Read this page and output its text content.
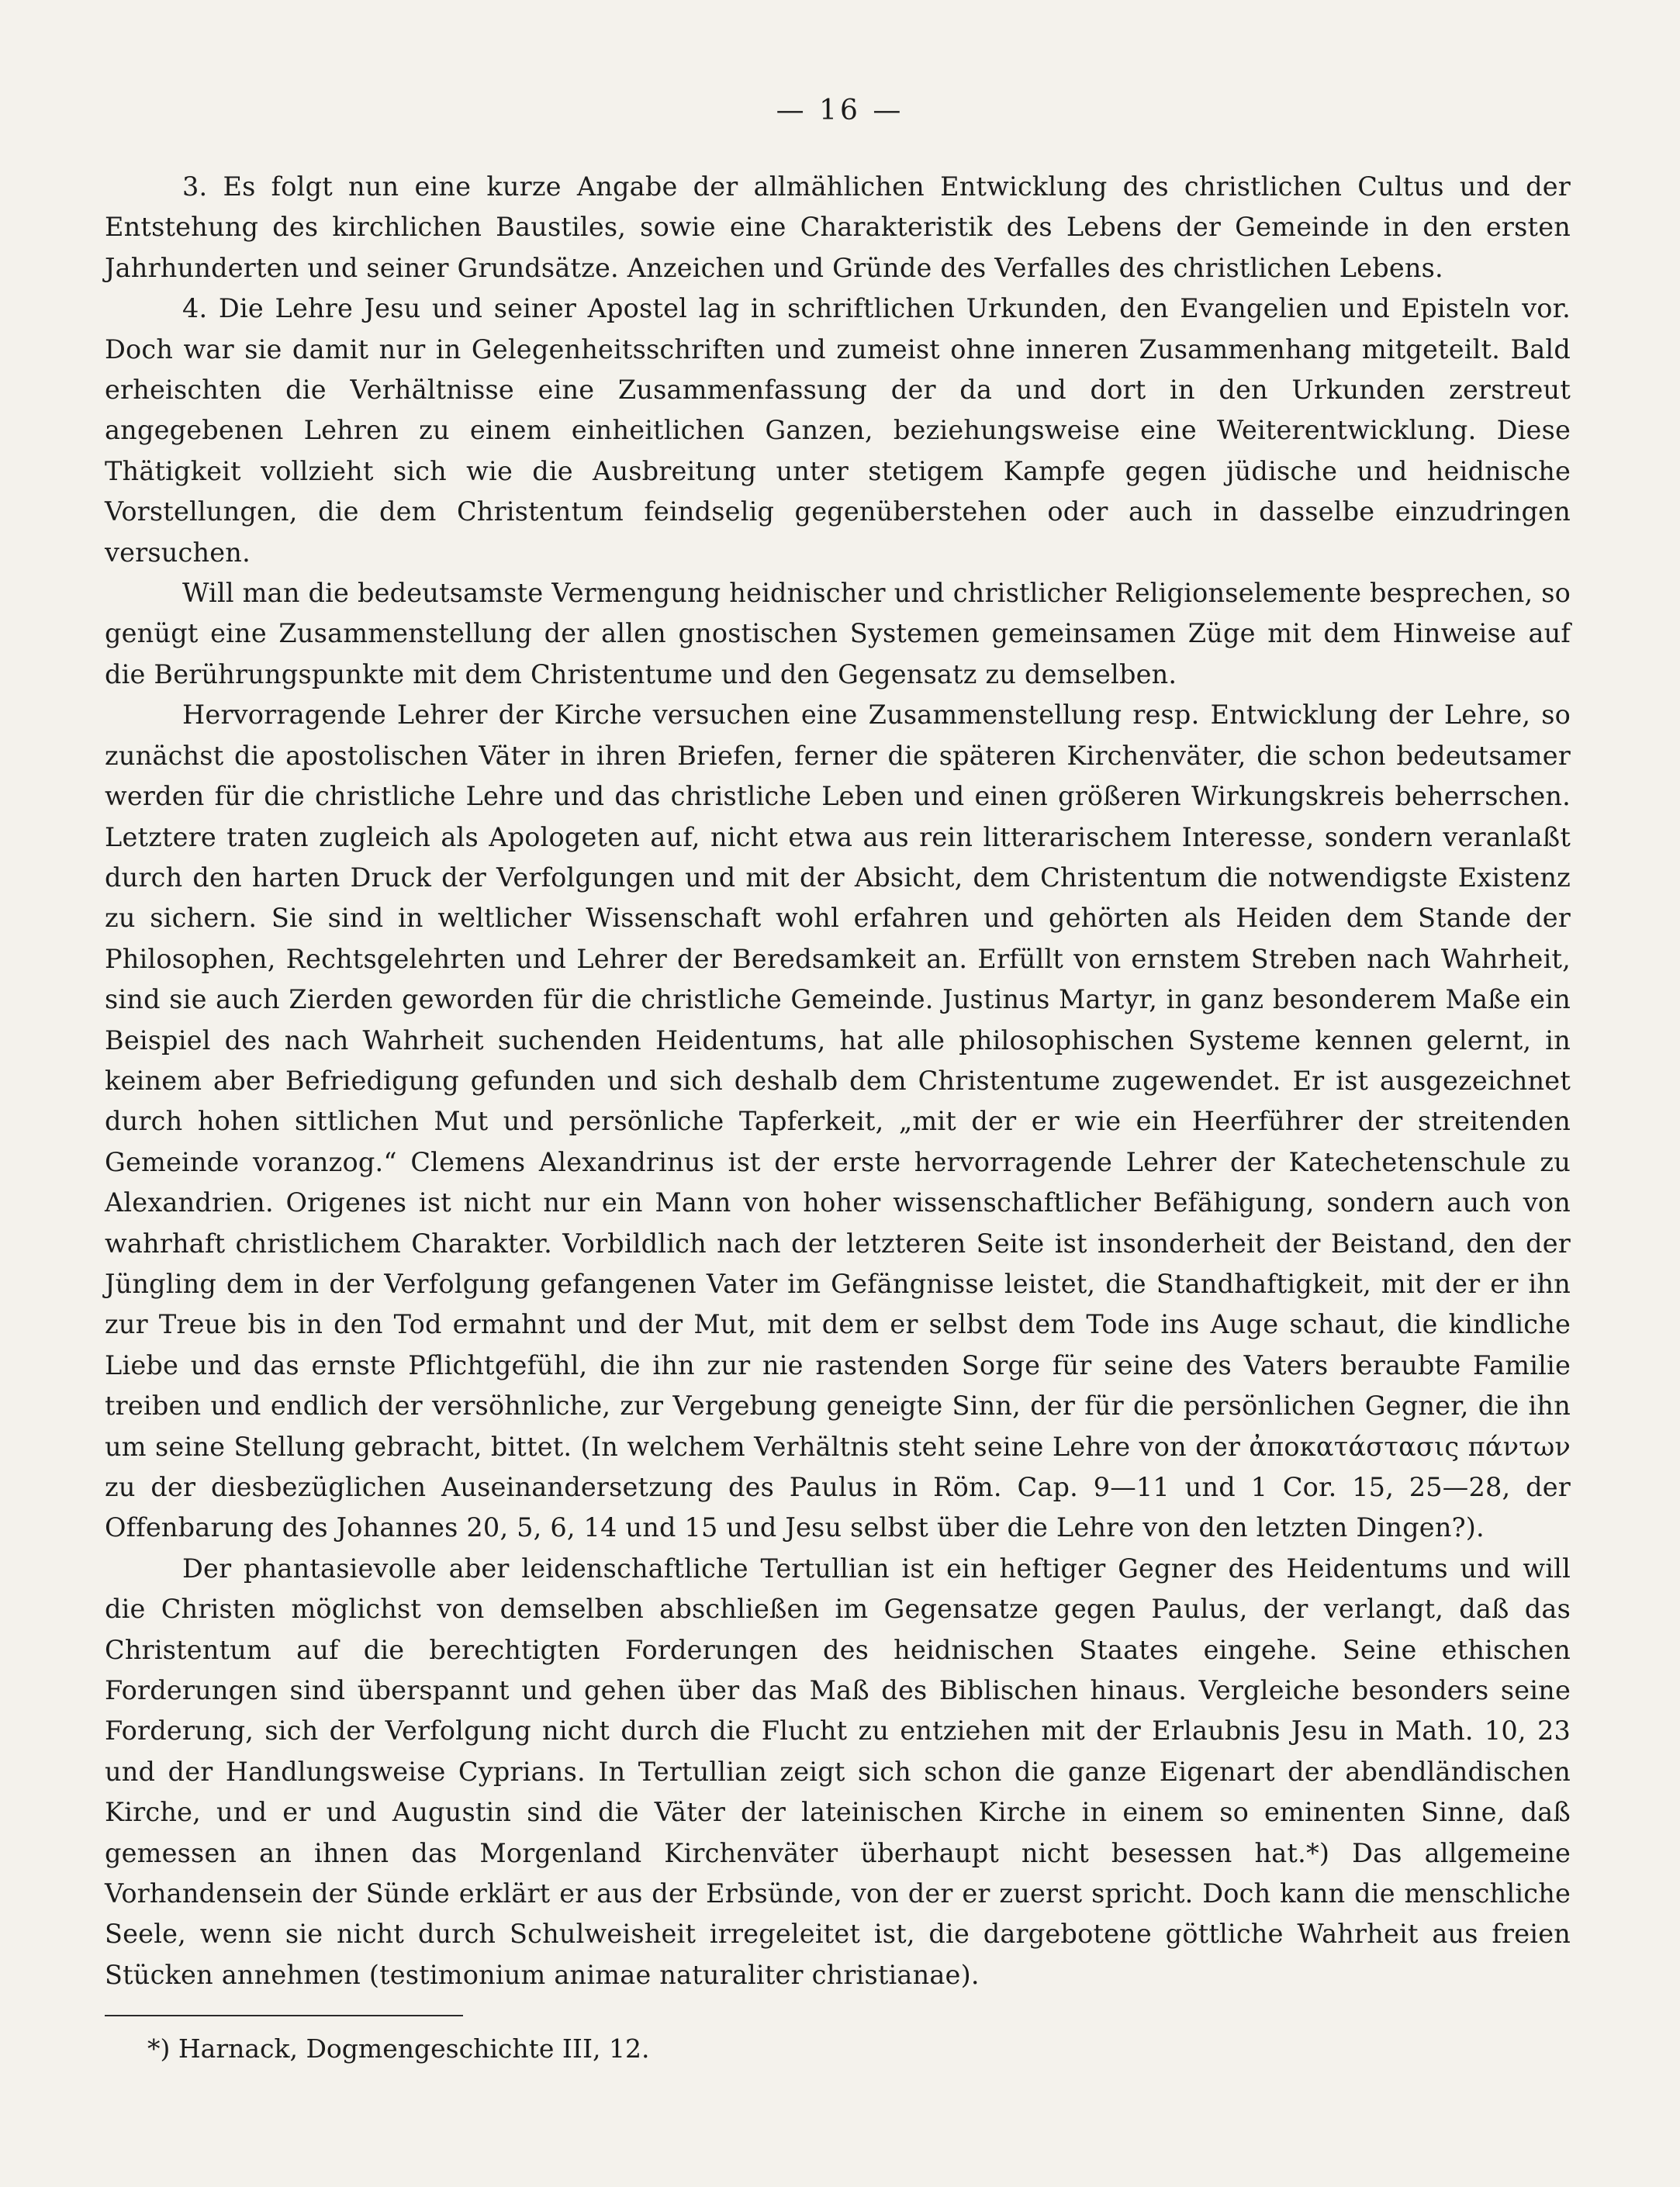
— 16 —

3. Es folgt nun eine kurze Angabe der allmählichen Entwicklung des christlichen Cultus und der Entstehung des kirchlichen Baustiles, sowie eine Charakteristik des Lebens der Gemeinde in den ersten Jahrhunderten und seiner Grundsätze. Anzeichen und Gründe des Verfalles des christlichen Lebens.

4. Die Lehre Jesu und seiner Apostel lag in schriftlichen Urkunden, den Evangelien und Episteln vor. Doch war sie damit nur in Gelegenheitsschriften und zumeist ohne inneren Zusammenhang mitgeteilt. Bald erheischten die Verhältnisse eine Zusammenfassung der da und dort in den Urkunden zerstreut angegebenen Lehren zu einem einheitlichen Ganzen, beziehungsweise eine Weiterentwicklung. Diese Thätigkeit vollzieht sich wie die Ausbreitung unter stetigem Kampfe gegen jüdische und heidnische Vorstellungen, die dem Christentum feindselig gegenüberstehen oder auch in dasselbe einzudringen versuchen.

Will man die bedeutsamste Vermengung heidnischer und christlicher Religionselemente besprechen, so genügt eine Zusammenstellung der allen gnostischen Systemen gemeinsamen Züge mit dem Hinweise auf die Berührungspunkte mit dem Christentume und den Gegensatz zu demselben.

Hervorragende Lehrer der Kirche versuchen eine Zusammenstellung resp. Entwicklung der Lehre, so zunächst die apostolischen Väter in ihren Briefen, ferner die späteren Kirchenväter, die schon bedeutsamer werden für die christliche Lehre und das christliche Leben und einen größeren Wirkungskreis beherrschen. Letztere traten zugleich als Apologeten auf, nicht etwa aus rein litterarischem Interesse, sondern veranlaßt durch den harten Druck der Verfolgungen und mit der Absicht, dem Christentum die notwendigste Existenz zu sichern. Sie sind in weltlicher Wissenschaft wohl erfahren und gehörten als Heiden dem Stande der Philosophen, Rechtsgelehrten und Lehrer der Beredsamkeit an. Erfüllt von ernstem Streben nach Wahrheit, sind sie auch Zierden geworden für die christliche Gemeinde. Justinus Martyr, in ganz besonderem Maße ein Beispiel des nach Wahrheit suchenden Heidentums, hat alle philosophischen Systeme kennen gelernt, in keinem aber Befriedigung gefunden und sich deshalb dem Christentume zugewendet. Er ist ausgezeichnet durch hohen sittlichen Mut und persönliche Tapferkeit, „mit der er wie ein Heerführer der streitenden Gemeinde voranzog.“ Clemens Alexandrinus ist der erste hervorragende Lehrer der Katechetenschule zu Alexandrien. Origenes ist nicht nur ein Mann von hoher wissenschaftlicher Befähigung, sondern auch von wahrhaft christlichem Charakter. Vorbildlich nach der letzteren Seite ist insonderheit der Beistand, den der Jüngling dem in der Verfolgung gefangenen Vater im Gefängnisse leistet, die Standhaftigkeit, mit der er ihn zur Treue bis in den Tod ermahnt und der Mut, mit dem er selbst dem Tode ins Auge schaut, die kindliche Liebe und das ernste Pflichtgefühl, die ihn zur nie rastenden Sorge für seine des Vaters beraubte Familie treiben und endlich der versöhnliche, zur Vergebung geneigte Sinn, der für die persönlichen Gegner, die ihn um seine Stellung gebracht, bittet. (In welchem Verhältnis steht seine Lehre von der ἀποκατάστασις πάντων zu der diesbezüglichen Auseinandersetzung des Paulus in Röm. Cap. 9—11 und 1 Cor. 15, 25—28, der Offenbarung des Johannes 20, 5, 6, 14 und 15 und Jesu selbst über die Lehre von den letzten Dingen?).

Der phantasievolle aber leidenschaftliche Tertullian ist ein heftiger Gegner des Heidentums und will die Christen möglichst von demselben abschließen im Gegensatze gegen Paulus, der verlangt, daß das Christentum auf die berechtigten Forderungen des heidnischen Staates eingehe. Seine ethischen Forderungen sind überspannt und gehen über das Maß des Biblischen hinaus. Vergleiche besonders seine Forderung, sich der Verfolgung nicht durch die Flucht zu entziehen mit der Erlaubnis Jesu in Math. 10, 23 und der Handlungsweise Cyprians. In Tertullian zeigt sich schon die ganze Eigenart der abendländischen Kirche, und er und Augustin sind die Väter der lateinischen Kirche in einem so eminenten Sinne, daß gemessen an ihnen das Morgenland Kirchenväter überhaupt nicht besessen hat.*) Das allgemeine Vorhandensein der Sünde erklärt er aus der Erbsünde, von der er zuerst spricht. Doch kann die menschliche Seele, wenn sie nicht durch Schulweisheit irregeleitet ist, die dargebotene göttliche Wahrheit aus freien Stücken annehmen (testimonium animae naturaliter christianae).

*) Harnack, Dogmengeschichte III, 12.
